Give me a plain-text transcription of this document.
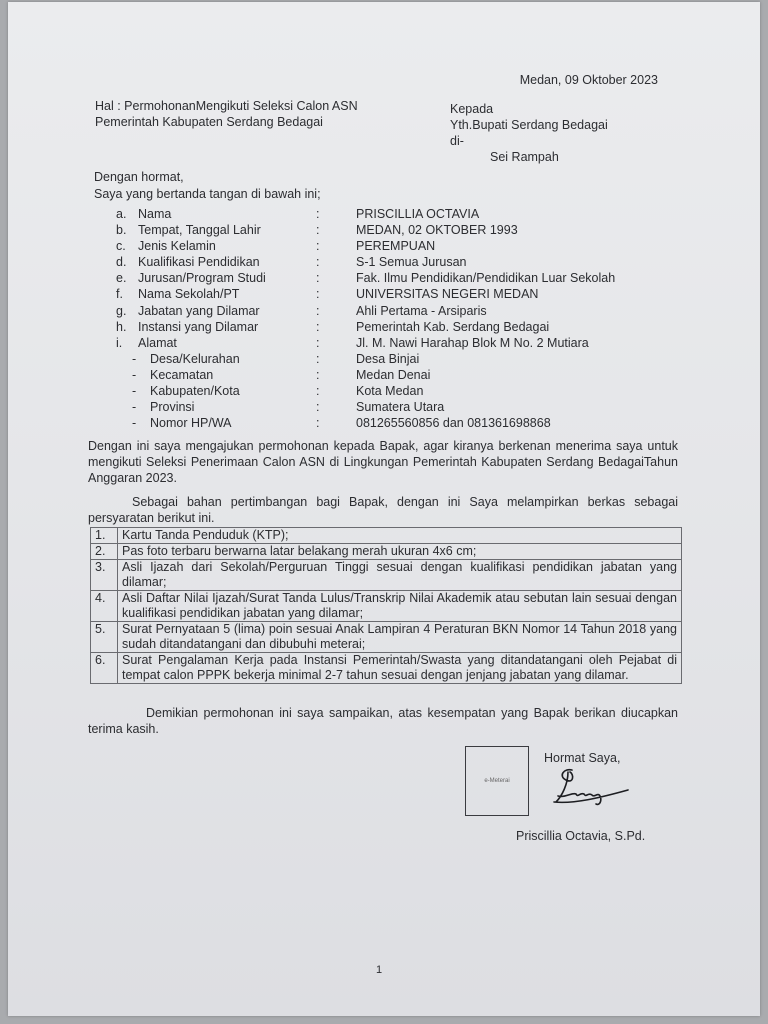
Medan, 09 Oktober 2023
Hal : PermohonanMengikuti Seleksi Calon ASN
Pemerintah Kabupaten Serdang Bedagai
Kepada
Yth.Bupati Serdang Bedagai
di-
Sei Rampah
Dengan hormat,
Saya yang bertanda tangan di bawah ini;
a. Nama	:	PRISCILLIA OCTAVIA
b. Tempat, Tanggal Lahir	:	MEDAN, 02 OKTOBER 1993
c. Jenis Kelamin	:	PEREMPUAN
d. Kualifikasi Pendidikan	:	S-1 Semua Jurusan
e. Jurusan/Program Studi	:	Fak. Ilmu Pendidikan/Pendidikan Luar Sekolah
f. Nama Sekolah/PT	:	UNIVERSITAS NEGERI MEDAN
g. Jabatan yang Dilamar	:	Ahli Pertama - Arsiparis
h. Instansi yang Dilamar	:	Pemerintah Kab. Serdang Bedagai
i. Alamat	:	Jl. M. Nawi Harahap Blok M No. 2 Mutiara
- Desa/Kelurahan	:	Desa Binjai
- Kecamatan	:	Medan Denai
- Kabupaten/Kota	:	Kota Medan
- Provinsi	:	Sumatera Utara
- Nomor HP/WA	:	081265560856 dan 081361698868
Dengan ini saya mengajukan permohonan kepada Bapak, agar kiranya berkenan menerima saya untuk mengikuti Seleksi Penerimaan Calon ASN di Lingkungan Pemerintah Kabupaten Serdang BedagaiTahun Anggaran 2023.
Sebagai bahan pertimbangan bagi Bapak, dengan ini Saya melampirkan berkas sebagai persyaratan berikut ini.
1.	Kartu Tanda Penduduk (KTP);
2.	Pas foto terbaru berwarna latar belakang merah ukuran 4x6 cm;
3.	Asli Ijazah dari Sekolah/Perguruan Tinggi sesuai dengan kualifikasi pendidikan jabatan yang dilamar;
4.	Asli Daftar Nilai Ijazah/Surat Tanda Lulus/Transkrip Nilai Akademik atau sebutan lain sesuai dengan kualifikasi pendidikan jabatan yang dilamar;
5.	Surat Pernyataan 5 (lima) poin sesuai Anak Lampiran 4 Peraturan BKN Nomor 14 Tahun 2018 yang sudah ditandatangani dan dibubuhi meterai;
6.	Surat Pengalaman Kerja pada Instansi Pemerintah/Swasta yang ditandatangani oleh Pejabat di tempat calon PPPK bekerja minimal 2-7 tahun sesuai dengan jenjang jabatan yang dilamar.
Demikian permohonan ini saya sampaikan, atas kesempatan yang Bapak berikan diucapkan terima kasih.
e-Meterai
Hormat Saya,
Priscillia Octavia, S.Pd.
1
